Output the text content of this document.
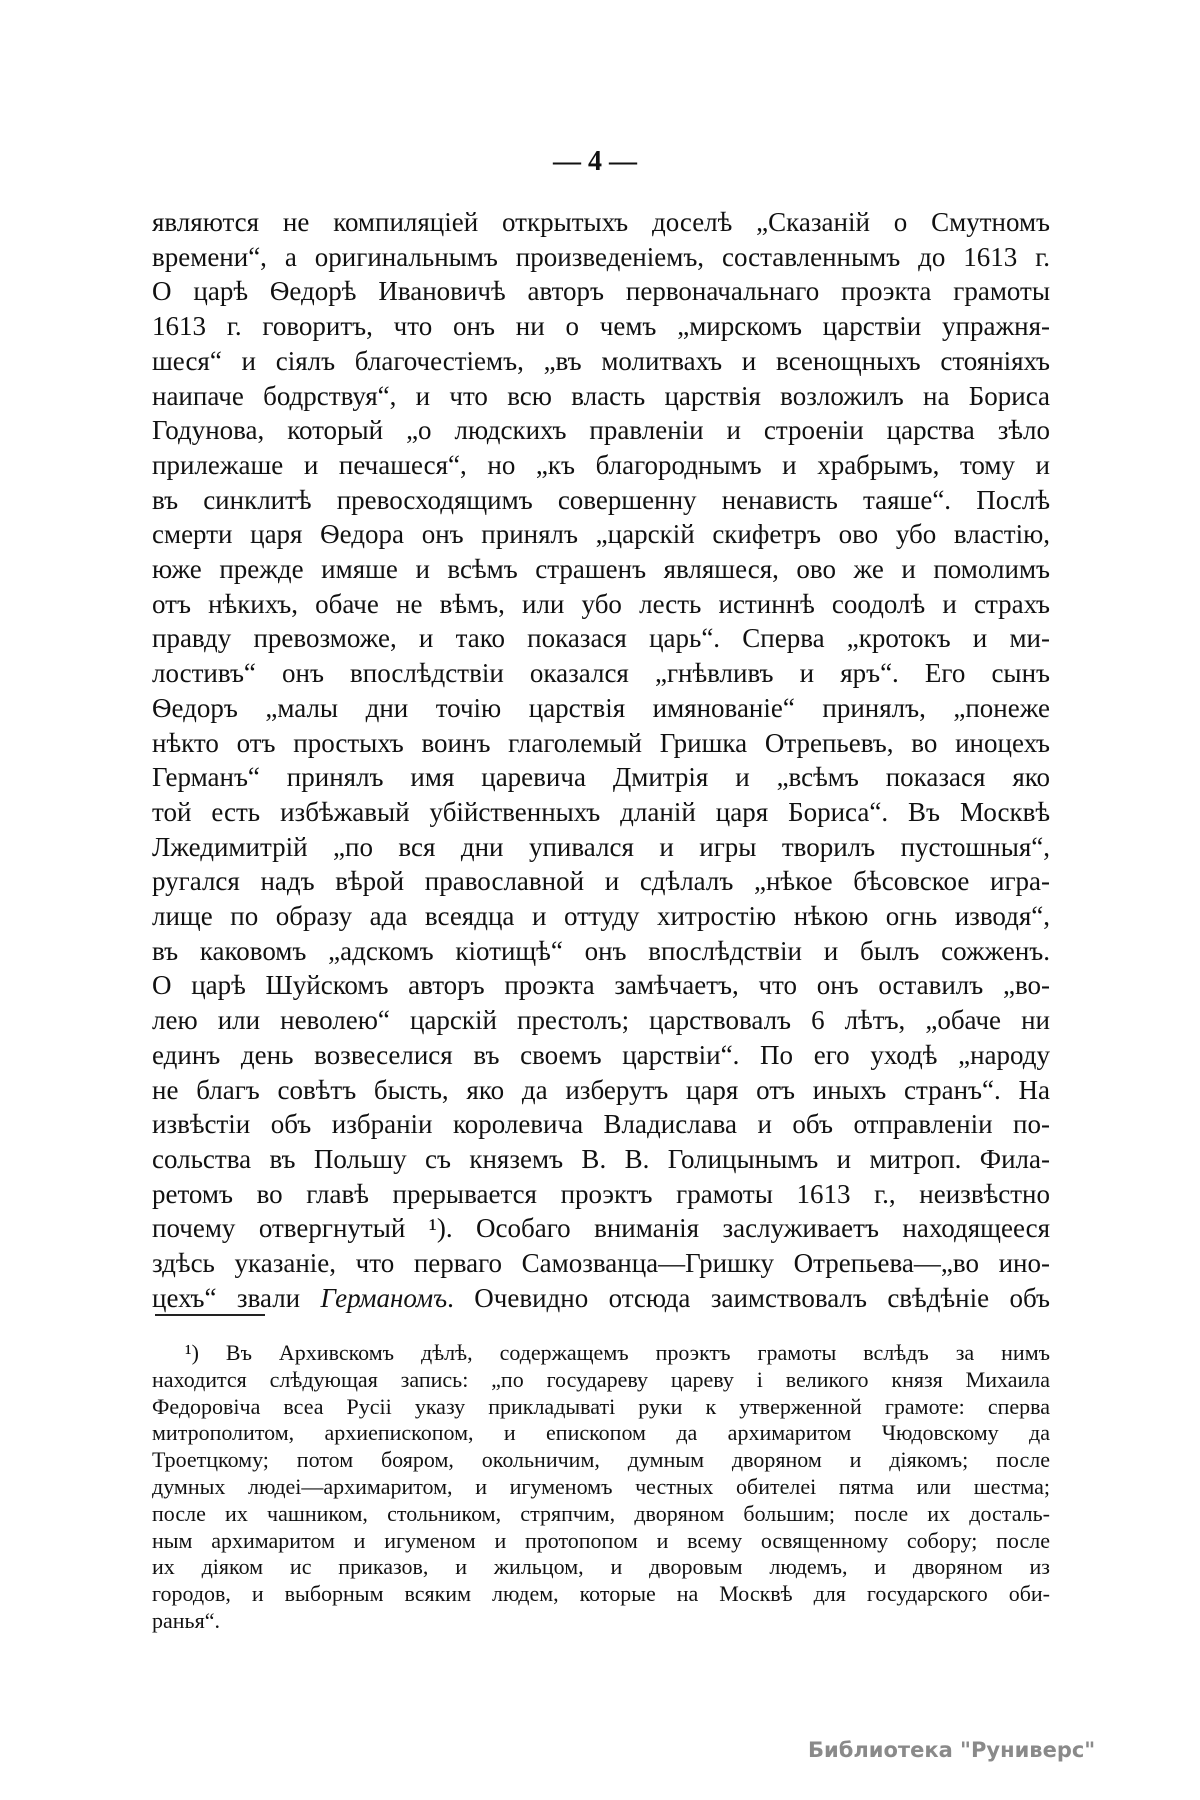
— 4 —
являются не компиляціей открытыхъ доселѣ „Сказаній о Смутномъ
времени“, а оригинальнымъ произведеніемъ, составленнымъ до 1613 г.
О царѣ Ѳедорѣ Ивановичѣ авторъ первоначальнаго проэкта грамоты
1613 г. говоритъ, что онъ ни о чемъ „мирскомъ царствіи упражня-
шеся“ и сіялъ благочестіемъ, „въ молитвахъ и всенощныхъ стояніяхъ
наипаче бодрствуя“, и что всю власть царствія возложилъ на Бориса
Годунова, который „о людскихъ правленіи и строеніи царства зѣло
прилежаше и печашеся“, но „къ благороднымъ и храбрымъ, тому и
въ синклитѣ превосходящимъ совершенну ненависть таяше“. Послѣ
смерти царя Ѳедора онъ принялъ „царскій скифетръ ово убо властію,
юже прежде имяше и всѣмъ страшенъ являшеся, ово же и помолимъ
отъ нѣкихъ, обаче не вѣмъ, или убо лесть истиннѣ соодолѣ и страхъ
правду превозможе, и тако показася царь“. Сперва „кротокъ и ми-
лостивъ“ онъ впослѣдствіи оказался „гнѣвливъ и яръ“. Его сынъ
Ѳедоръ „малы дни точію царствія имянованіе“ принялъ, „понеже
нѣкто отъ простыхъ воинъ глаголемый Гришка Отрепьевъ, во иноцехъ
Германъ“ принялъ имя царевича Дмитрія и „всѣмъ показася яко
той есть избѣжавый убійственныхъ дланій царя Бориса“. Въ Москвѣ
Лжедимитрій „по вся дни упивался и игры творилъ пустошныя“,
ругался надъ вѣрой православной и сдѣлалъ „нѣкое бѣсовское игра-
лище по образу ада всеядца и оттуду хитростію нѣкою огнь изводя“,
въ каковомъ „адскомъ кіотищѣ“ онъ впослѣдствіи и былъ сожженъ.
О царѣ Шуйскомъ авторъ проэкта замѣчаетъ, что онъ оставилъ „во-
лею или неволею“ царскій престолъ; царствовалъ 6 лѣтъ, „обаче ни
единъ день возвеселися въ своемъ царствіи“. По его уходѣ „народу
не благъ совѣтъ бысть, яко да изберутъ царя отъ иныхъ странъ“. На
извѣстіи объ избраніи королевича Владислава и объ отправленіи по-
сольства въ Польшу съ княземъ В. В. Голицынымъ и митроп. Фила-
ретомъ во главѣ прерывается проэктъ грамоты 1613 г., неизвѣстно
почему отвергнутый ¹). Особаго вниманія заслуживаетъ находящееся
здѣсь указаніе, что перваго Самозванца—Гришку Отрепьева—„во ино-
цехъ“ звали Германомъ. Очевидно отсюда заимствовалъ свѣдѣніе объ
¹) Въ Архивскомъ дѣлѣ, содержащемъ проэктъ грамоты вслѣдъ за нимъ
находится слѣдующая запись: „по государеву цареву і великого князя Михаила
Федоровіча всеа Русіі указу прикладываті руки к утверженной грамоте: сперва
митрополитом, архиепископом, и епископом да архимаритом Чюдовскому да
Троетцкому; потом бояром, окольничим, думным дворяном и діякомъ; после
думных людеі—архимаритом, и игуменомъ честных обителеі пятма или шестма;
после их чашником, стольником, стряпчим, дворяном большим; после их досталь-
ным архимаритом и игуменом и протопопом и всему освященному собору; после
их діяком ис приказов, и жильцом, и дворовым людемъ, и дворяном из
городов, и выборным всяким людем, которые на Москвѣ для государского оби-
ранья“.
Библиотека "Руниверс"
